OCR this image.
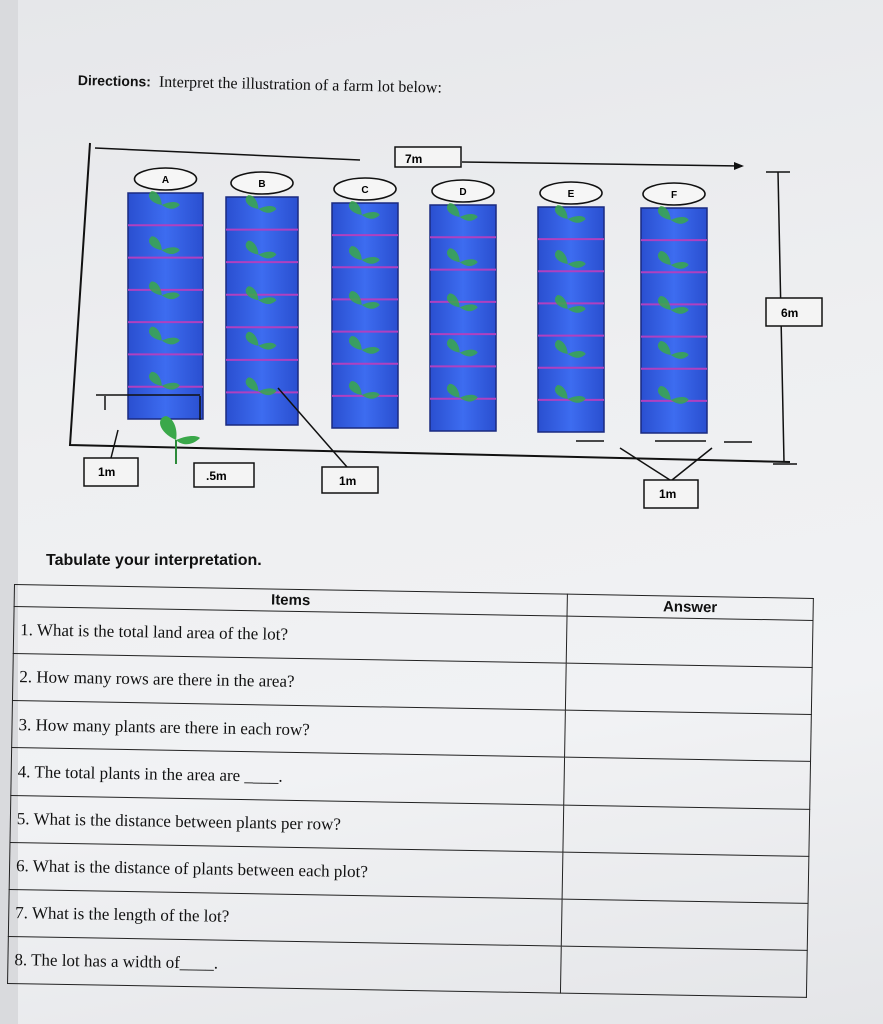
Directions: Interpret the illustration of a farm lot below:
A	B
C	D	E	F
7m
6m
1m	.5m	1m
1m
Tabulate your interpretation.
Items	Answer
1. What is the total land area of the lot?	
2. How many rows are there in the area?	
3. How many plants are there in each row?	
4. The total plants in the area are ____.	
5. What is the distance between plants per row?	
6. What is the distance of plants between each plot?	
7. What is the length of the lot?	
8. The lot has a width of____.	
